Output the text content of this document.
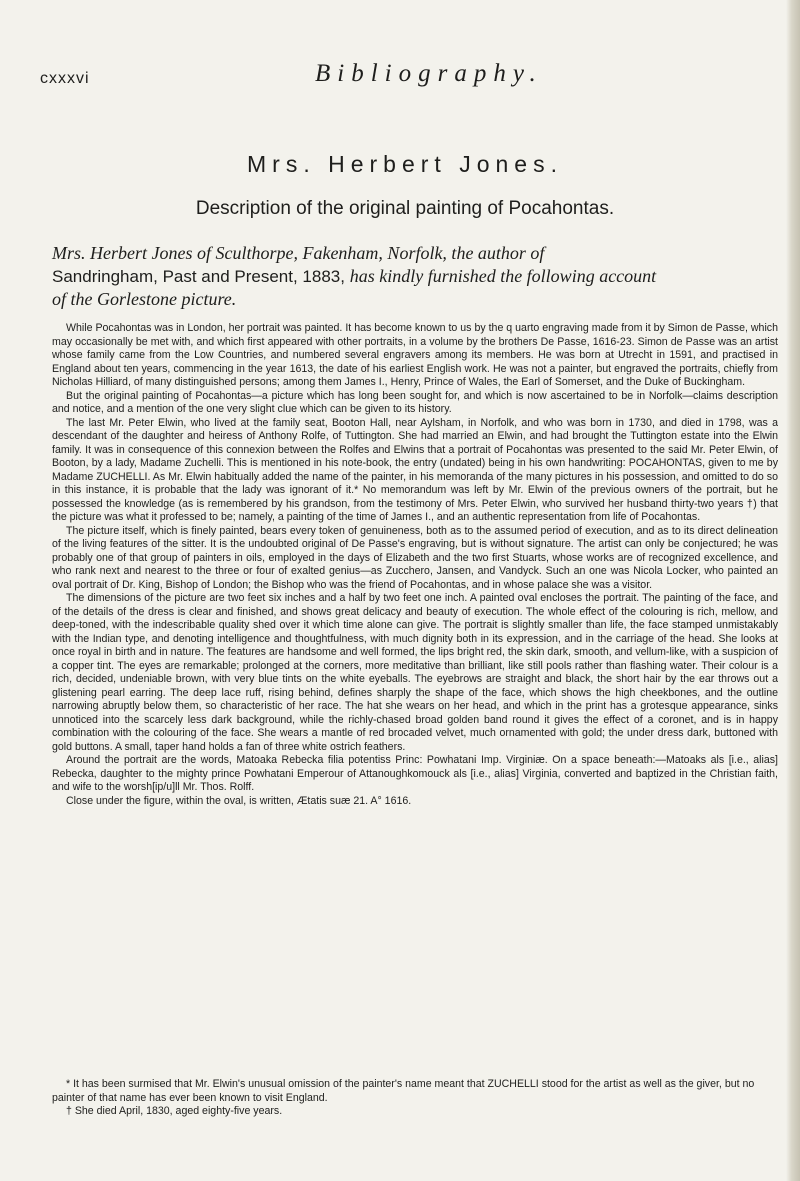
cxxxvi	Bibliography.
Mrs. Herbert Jones.
Description of the original painting of Pocahontas.
Mrs. Herbert Jones of Sculthorpe, Fakenham, Norfolk, the author of
Sandringham, Past and Present, 1883, has kindly furnished the following account
of the Gorlestone picture.

While Pocahontas was in London, her portrait was painted. It has become known to us by the q uarto engraving made from it by Simon de Passe, which may occasionally be met with, and which first appeared with other portraits, in a volume by the brothers De Passe, 1616-23. Simon de Passe was an artist whose family came from the Low Countries, and numbered several engravers among its members. He was born at Utrecht in 1591, and practised in England about ten years, commencing in the year 1613, the date of his earliest English work. He was not a painter, but engraved the portraits, chiefly from Nicholas Hilliard, of many distinguished persons; among them James I., Henry, Prince of Wales, the Earl of Somerset, and the Duke of Buckingham.

But the original painting of Pocahontas—a picture which has long been sought for, and which is now ascertained to be in Norfolk—claims description and notice, and a mention of the one very slight clue which can be given to its history.

The last Mr. Peter Elwin, who lived at the family seat, Booton Hall, near Aylsham, in Norfolk, and who was born in 1730, and died in 1798, was a descendant of the daughter and heiress of Anthony Rolfe, of Tuttington. She had married an Elwin, and had brought the Tuttington estate into the Elwin family. It was in consequence of this connexion between the Rolfes and Elwins that a portrait of Pocahontas was presented to the said Mr. Peter Elwin, of Booton, by a lady, Madame Zuchelli. This is mentioned in his note-book, the entry (undated) being in his own handwriting: POCAHONTAS, given to me by Madame ZUCHELLI. As Mr. Elwin habitually added the name of the painter, in his memoranda of the many pictures in his possession, and omitted to do so in this instance, it is probable that the lady was ignorant of it.* No memorandum was left by Mr. Elwin of the previous owners of the portrait, but he possessed the knowledge (as is remembered by his grandson, from the testimony of Mrs. Peter Elwin, who survived her husband thirty-two years †) that the picture was what it professed to be; namely, a painting of the time of James I., and an authentic representation from life of Pocahontas.

The picture itself, which is finely painted, bears every token of genuineness, both as to the assumed period of execution, and as to its direct delineation of the living features of the sitter. It is the undoubted original of De Passe's engraving, but is without signature. The artist can only be conjectured; he was probably one of that group of painters in oils, employed in the days of Elizabeth and the two first Stuarts, whose works are of recognized excellence, and who rank next and nearest to the three or four of exalted genius—as Zucchero, Jansen, and Vandyck. Such an one was Nicola Locker, who painted an oval portrait of Dr. King, Bishop of London; the Bishop who was the friend of Pocahontas, and in whose palace she was a visitor.

The dimensions of the picture are two feet six inches and a half by two feet one inch. A painted oval encloses the portrait. The painting of the face, and of the details of the dress is clear and finished, and shows great delicacy and beauty of execution. The whole effect of the colouring is rich, mellow, and deep-toned, with the indescribable quality shed over it which time alone can give. The portrait is slightly smaller than life, the face stamped unmistakably with the Indian type, and denoting intelligence and thoughtfulness, with much dignity both in its expression, and in the carriage of the head. She looks at once royal in birth and in nature. The features are handsome and well formed, the lips bright red, the skin dark, smooth, and vellum-like, with a suspicion of a copper tint. The eyes are remarkable; prolonged at the corners, more meditative than brilliant, like still pools rather than flashing water. Their colour is a rich, decided, undeniable brown, with very blue tints on the white eyeballs. The eyebrows are straight and black, the short hair by the ear throws out a glistening pearl earring. The deep lace ruff, rising behind, defines sharply the shape of the face, which shows the high cheekbones, and the outline narrowing abruptly below them, so characteristic of her race. The hat she wears on her head, and which in the print has a grotesque appearance, sinks unnoticed into the scarcely less dark background, while the richly-chased broad golden band round it gives the effect of a coronet, and is in happy combination with the colouring of the face. She wears a mantle of red brocaded velvet, much ornamented with gold; the under dress dark, buttoned with gold buttons. A small, taper hand holds a fan of three white ostrich feathers.

Around the portrait are the words, Matoaka Rebecka filia potentiss Princ: Powhatani Imp. Virginiæ. On a space beneath:—Matoaks als [i.e., alias] Rebecka, daughter to the mighty prince Powhatani Emperour of Attanoughkomouck als [i.e., alias] Virginia, converted and baptized in the Christian faith, and wife to the worsh[ip/u]ll Mr. Thos. Rolff.

Close under the figure, within the oval, is written, Ætatis suæ 21. A° 1616.

* It has been surmised that Mr. Elwin's unusual omission of the painter's name meant that ZUCHELLI stood for the artist as well as the giver, but no painter of that name has ever been known to visit England.

† She died April, 1830, aged eighty-five years.
